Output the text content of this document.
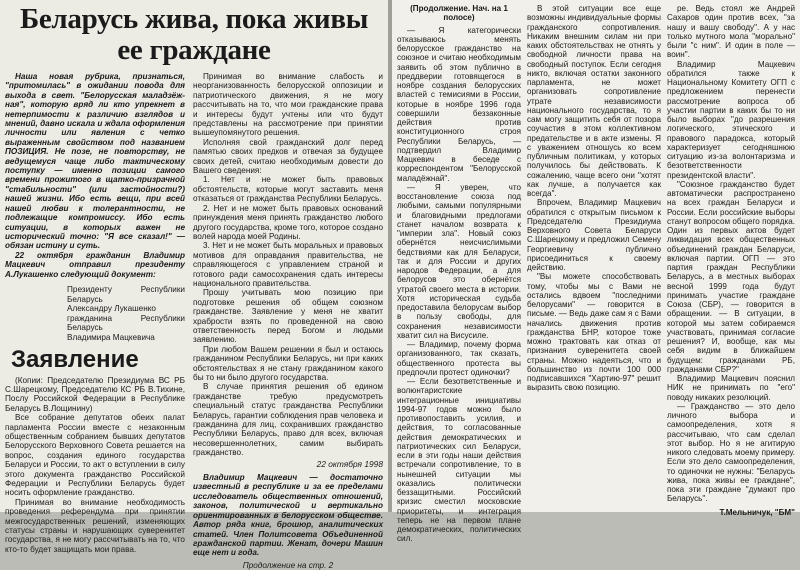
Беларусь жива, пока живы ее граждане

Наша новая рубрика, признаться, "притомилась" в ожидании повода для выхода в свет. "Белорусская маладзёж-ная", которую вряд ли кто упрекнет в нетерпимости к различию взглядов и мнений, давно искала и ждала оформления личности или явления с четко выраженным свойством под названием ПОЗИЦИЯ. Не позе, не повторству, не ведущемуся чаще либо тактическому поступку — именно позиции самого времени прожитого в щатко-призрачной "стабильности" (или застойности?) нашей жизни. Ибо есть вещи, при всей нашей любви к толерантности, не подлежащие компромиссу. Ибо есть ситуации, в которых важен не исторический точно: "Я все сказал!" — обязан истину и суть.

22 октября гражданин Владимир Мацкевич отправил президенту А.Лукашенко следующий документ:

Президенту Республики Беларусь
Александру Лукашенко
гражданина Республики Беларусь
Владимира Мацкевича
Заявление

(Копии: Председателю Президиума ВС РБ С.Шарецкому, Председателю КС РБ В.Тихине, Послу Российской Федерации в Республике Беларусь В.Лощинину)

Все собрание депутатов обеих палат парламента России вместе с незаконным общественным собранием бывших депутатов Белорусского Верховного Совета решается на вопрос, создания единого государства Беларуси и России, то акт о вступлении в силу этого документа гражданство Российской Федерации и Республики Беларусь будет носить оформление гражданство.

Принимая во внимание необходимость проведения референдума при принятии межгосударственных решений, изменяющих статусы страны и нарушающих суверенитет государства, я не могу рассчитывать на то, что кто-то будет защищать мои права.

Принимая во внимание слабость и неорганизованность белорусской оппозиции и патриотического движения, я не могу рассчитывать на то, что мои гражданские права и интересы будут учтены или что будут представлены на рассмотрение при принятии вышеупомянутого решения.

Исполняя свой гражданский долг перед памятью своих предков и отвечая за будущее своих детей, считаю необходимым довести до Вашего сведения:

1. Нет и не может быть правовых обстоятельств, которые могут заставить меня отказаться от гражданства Республики Беларусь.

2. Нет и не может быть правовых оснований принуждения меня принять гражданство любого другого государства, кроме того, которое создано волей народа моей Родины.

3. Нет и не может быть моральных и правовых мотивов для оправдания правительства, не справляющегося с управлением страной и готового ради самосохранения сдать интересы национального правительства.

Прошу учитывать мою позицию при подготовке решения об общем союзном гражданстве. Заявление у меня не хватит храбрости взять по проведенной на свою ответственность перед Богом и людьми заявлению.

При любом Вашем решении я был и остаюсь гражданином Республики Беларусь, ни при каких обстоятельствах я не стану гражданином какого бы то ни было другого государства.

В случае принятия решения об едином гражданстве требую предусмотреть специальный статус гражданства Республики Беларусь, гарантии соблюдения прав человека и гражданина для лиц, сохранивших гражданство Республики Беларусь, право для всех, включая несовершеннолетних, самим выбирать гражданство.

22 октября 1998

Владимир Мацкевич — достаточно известный в республике и за ее пределами исследователь общественных отношений, законов, политической и вертикально ориентированных в белорусском обществе. Автор ряда книг, брошюр, аналитических статей. Член Политсовета Объединенной гражданской партии. Женат, дочери Машин еще нет и года.

Продолжение на стр. 2

(Продолжение. Нач. на 1 полосе)

— Я категорически отказываюсь менять белорусское гражданство на союзное и считаю необходимым заявить об этом публично в преддверии готовящегося в ноябре создания белорусских властей с темисиями в России, которые в ноябре 1996 года совершили беззаконные действия против конституционного строя Республики Беларусь, — подтвердил Владимир Мацкевич в беседе с корреспондентом "Белорусской маладёжнай".

— Я уверен, что восстановление союза под любыми, самыми популярными и благовидными предлогами станет началом возврата к "империи зла". Новый союз обернётся неисчислимыми бедствиями как для Беларуси, так и для России и других народов Федерации, а для белорусов это обернётся утратой своего места в истории. Хотя историческая судьба предоставила белорусам выбор в пользу свободы, для сохранения независимости хватит сил на Висусиле.

— Владимир, почему форма организованного, так сказать, общественного протеста вы предпочли протест одиночки?

— Если безответственные и волюнтаристские интеграционные инициативы 1994-97 годов можно было противопоставить усилия, и действия, то согласованные действия демократических и патриотических сил Беларуси, если в эти годы наши действия встречали сопротивление, то в нынешней ситуации мы оказались политически беззащитными. Российский кризис сместил московские приоритеты, и интеграция теперь не на первом плане демократических, политических сил.

В этой ситуации все еще возможны индивидуальные формы гражданского сопротивления. Никаким внешним силам ни при каких обстоятельствах не отнять у свободной личности права на свободный поступок. Если сегодня никто, включая остатки законного парламента, не может организовать сопротивление утрате независимости национального государства, то я сам могу защитить себя от позора соучастия в этом коллективном предательстве и в акте измены. Я с уважением отношусь ко всем публичным политикам, у которых получилось бы действовать. К сожалению, чаще всего они "хотят как лучше, а получается как всегда".

Впрочем, Владимир Мацкевич обратился с открытым письмом к Председателю Президиума Верховного Совета Беларуси С.Шарецкому и предложил Семену Георгиевичу публично присоединиться к своему действию.

"Вы можете способствовать тому, чтобы мы с Вами не остались вдвоем "последними белорусами" — говорится в письме. — Ведь даже сам я с Вами начались движения против гражданства БНР, которое тоже можно трактовать как отказ от признания суверенитета своей страны. Можно надеяться, что и большинство из почти 100 000 подписавшихся "Хартию-97" решит выразить свою позицию.

ре. Ведь стоял же Андрей Сахаров один против всех, "за нашу и вашу свободу". А у нас только мутного мола "морально" были "с ним". И один в поле — воин".

Владимир Мацкевич обратился также к Национальному Комитету ОГП с предложением перенести рассмотрение вопроса об участии партии в каких бы то ни было выборах "до разрешения логического, этического и правового парадокса, который характеризует сегодняшнюю ситуацию из-за волонтаризма и безответственности президентской власти".

"Союзное гражданство будет автоматически распространено на всех граждан Беларуси и России. Если российские выборы станут вопросом общего порядка. Один из первых актов будет ликвидация всех общественных объединений граждан Беларуси, включая партии. ОГП — это партия граждан Республики Беларусь, а в местных выборах весной 1999 года будут принимать участие граждане Союза (СБР), — говорится в обращении. — В ситуации, в которой мы затем собираемся участвовать, принимая согласие решения? И, вообще, как мы себя видим в ближайшем будущем: гражданами РБ, гражданами СБР?"

Владимир Мацкевич пояснил НИК не принимать по "его" поводу никаких резолюций.

— Гражданство — это дело личного выбора и самоопределения, хотя я рассчитываю, что сам сделал этот выбор. Но я не агитирую никого следовать моему примеру. Если это дело самоопределения, то одиночки не нужны: "Беларусь жива, пока живы ее граждане", пока эти граждане "думают про Беларусь".

Т.Мельничук, "БМ"
